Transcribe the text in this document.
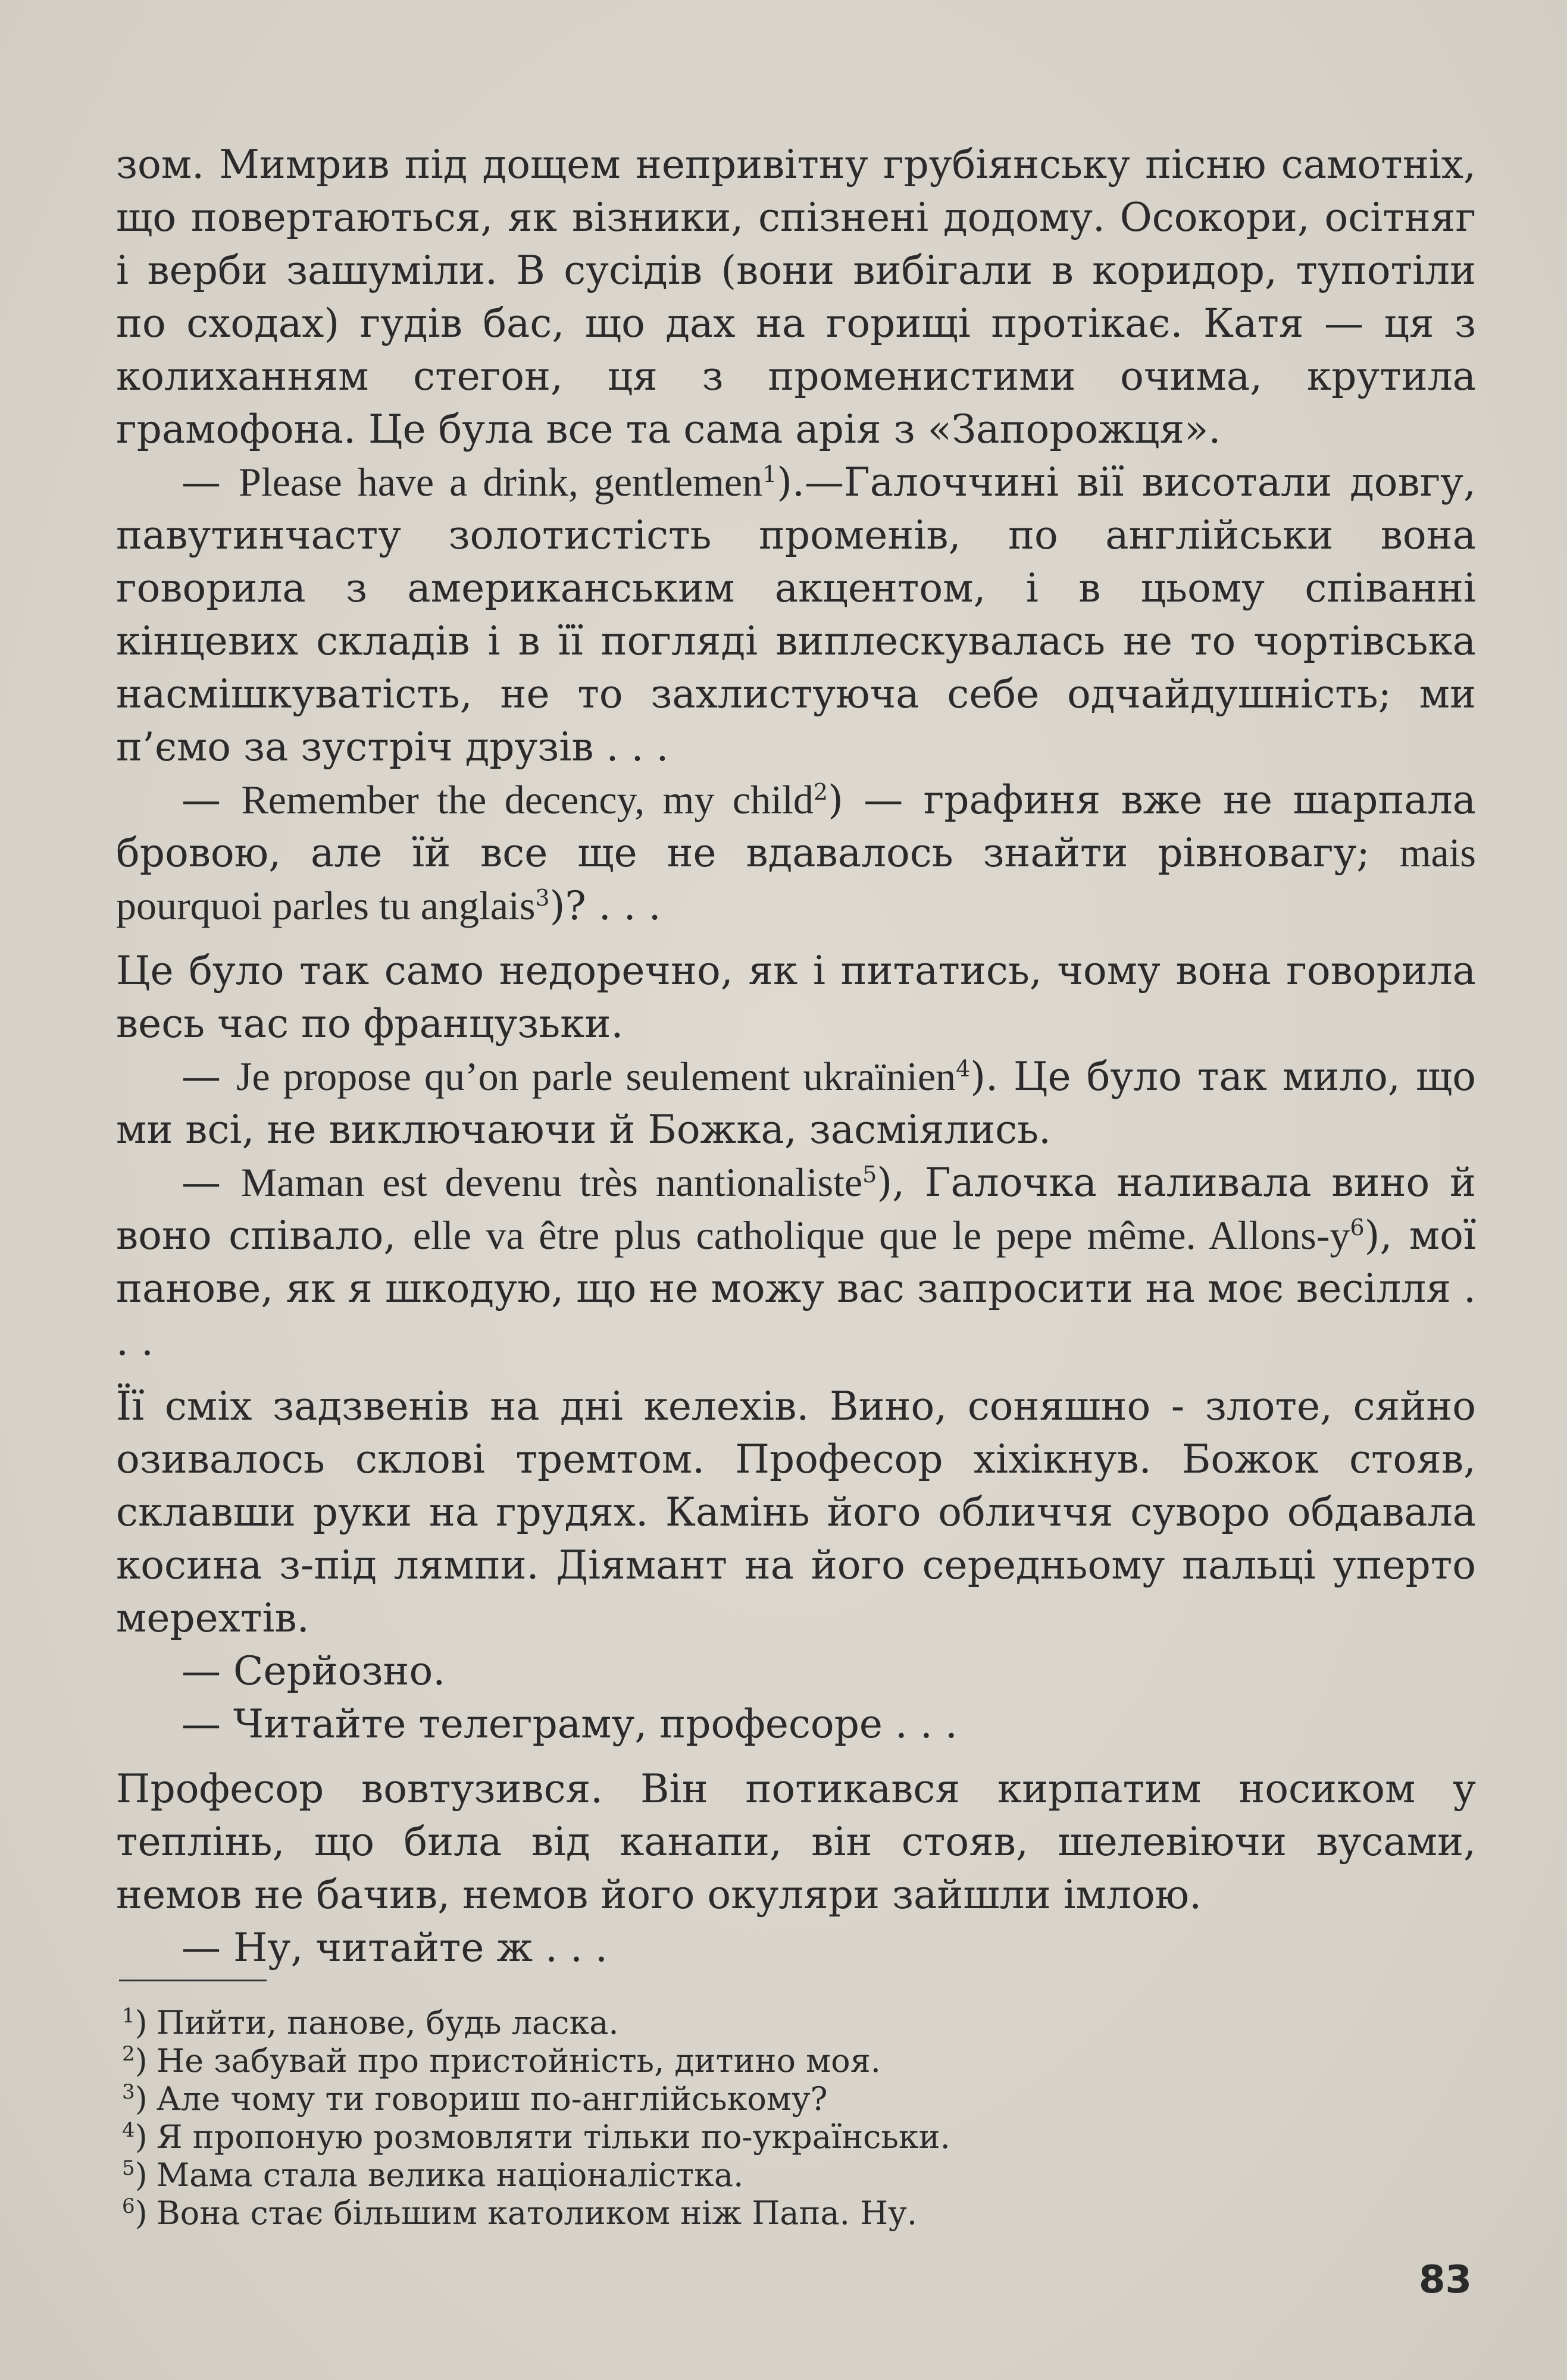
зом. Мимрив під дощем непривітну грубіянську пісню самотніх, що повертаються, як візники, спізнені додому. Осокори, осітняг і верби зашуміли. В сусідів (вони вибігали в коридор, тупотіли по сходах) гудів бас, що дах на горищі протікає. Катя — ця з колиханням стегон, ця з променистими очима, крутила грамофона. Це була все та сама арія з «Запорожця».

— Please have a drink, gentlemen$^1$).—Галоччині вії висотали довгу, павутинчасту золотистість променів, по англійськи вона говорила з американським акцентом, і в цьому співанні кінцевих складів і в її погляді виплескувалась не то чортівська насмішкуватість, не то захлистуюча себе одчайдушність; ми п’ємо за зустріч друзів . . .

— Remember the decency, my child$^2$) — графиня вже не шарпала бровою, але їй все ще не вдавалось знайти рівновагу; mais pourquoi parles tu anglais$^3$)? . . .

Це було так само недоречно, як і питатись, чому вона говорила весь час по французьки.

— Je propose qu’on parle seulement ukraïnien$^4$). Це було так мило, що ми всі, не виключаючи й Божка, засміялись.

— Maman est devenu très nantionaliste$^5$), Галочка наливала вино й воно співало, elle va être plus catholique que le pepe même. Allons-$y^6$), мої панове, як я шкодую, що не можу вас запросити на моє весілля . . .

Її сміх задзвенів на дні келехів. Вино, соняшно - злоте, сяйно озивалось склові тремтом. Професор хіхікнув. Божок стояв, склавши руки на грудях. Камінь його обличчя суворо обдавала косина з-під лямпи. Діямант на його середньому пальці уперто мерехтів.

— Серйозно.

— Читайте телеграму, професоре . . .

Професор вовтузився. Він потикався кирпатим носиком у теплінь, що била від канапи, він стояв, шелевіючи вусами, немов не бачив, немов його окуляри зайшли імлою.

— Ну, читайте ж . . .

$^1$) Пийти, панове, будь ласка.

$^2$) Не забувай про пристойність, дитино моя.

$^3$) Але чому ти говориш по-англійському?

$^4$) Я пропоную розмовляти тільки по-українськи.

$^5$) Мама стала велика націоналістка.

$^6$) Вона стає більшим католиком ніж Папа. Ну.

83
